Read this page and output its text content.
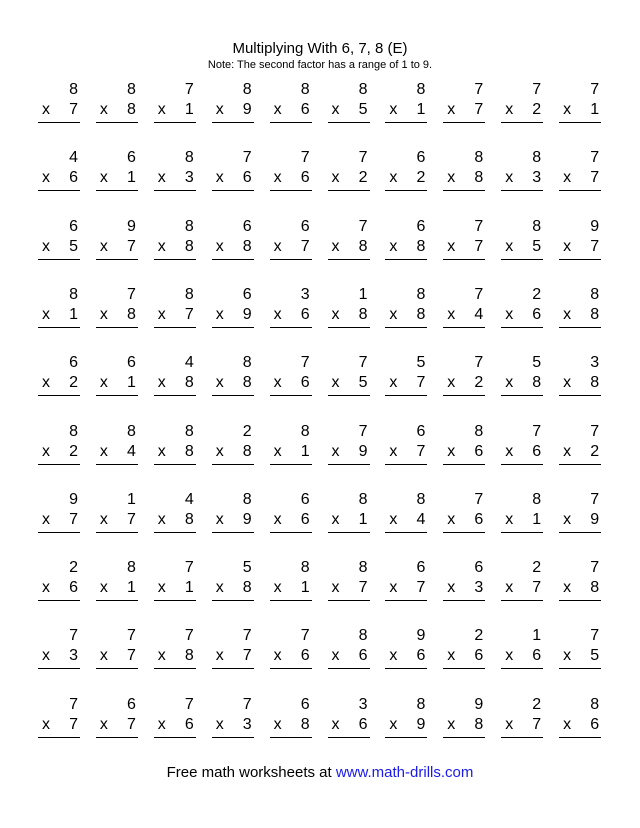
Multiplying With 6, 7, 8 (E)
Note: The second factor has a range of 1 to 9.
8
x 7
8
x 8
7
x 1
8
x 9
8
x 6
8
x 5
8
x 1
7
x 7
7
x 2
7
x 1
4
x 6
6
x 1
8
x 3
7
x 6
7
x 6
7
x 2
6
x 2
8
x 8
8
x 3
7
x 7
6
x 5
9
x 7
8
x 8
6
x 8
6
x 7
7
x 8
6
x 8
7
x 7
8
x 5
9
x 7
8
x 1
7
x 8
8
x 7
6
x 9
3
x 6
1
x 8
8
x 8
7
x 4
2
x 6
8
x 8
6
x 2
6
x 1
4
x 8
8
x 8
7
x 6
7
x 5
5
x 7
7
x 2
5
x 8
3
x 8
8
x 2
8
x 4
8
x 8
2
x 8
8
x 1
7
x 9
6
x 7
8
x 6
7
x 6
7
x 2
9
x 7
1
x 7
4
x 8
8
x 9
6
x 6
8
x 1
8
x 4
7
x 6
8
x 1
7
x 9
2
x 6
8
x 1
7
x 1
5
x 8
8
x 1
8
x 7
6
x 7
6
x 3
2
x 7
7
x 8
7
x 3
7
x 7
7
x 8
7
x 7
7
x 6
8
x 6
9
x 6
2
x 6
1
x 6
7
x 5
7
x 7
6
x 7
7
x 6
7
x 3
6
x 8
3
x 6
8
x 9
9
x 8
2
x 7
8
x 6
Free math worksheets at www.math-drills.com
